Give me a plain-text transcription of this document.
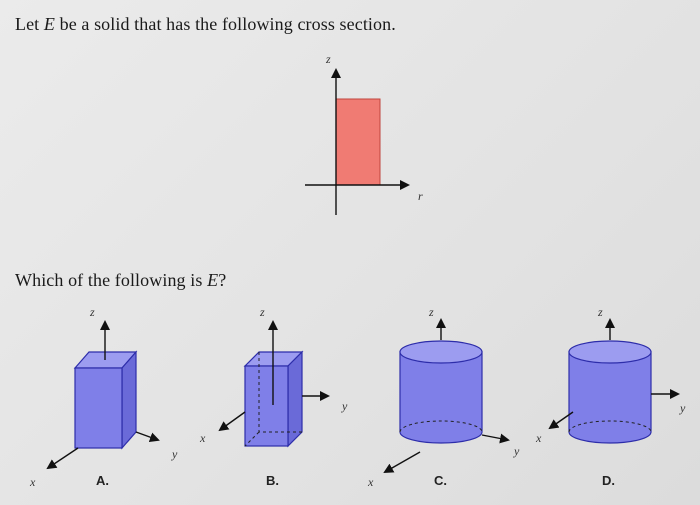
Let E be a solid that has the following cross section.
Which of the following is E?
z
r
z
y
x	A.
z
y
x
B.
z
y
x	C.
z
y
x
D.
